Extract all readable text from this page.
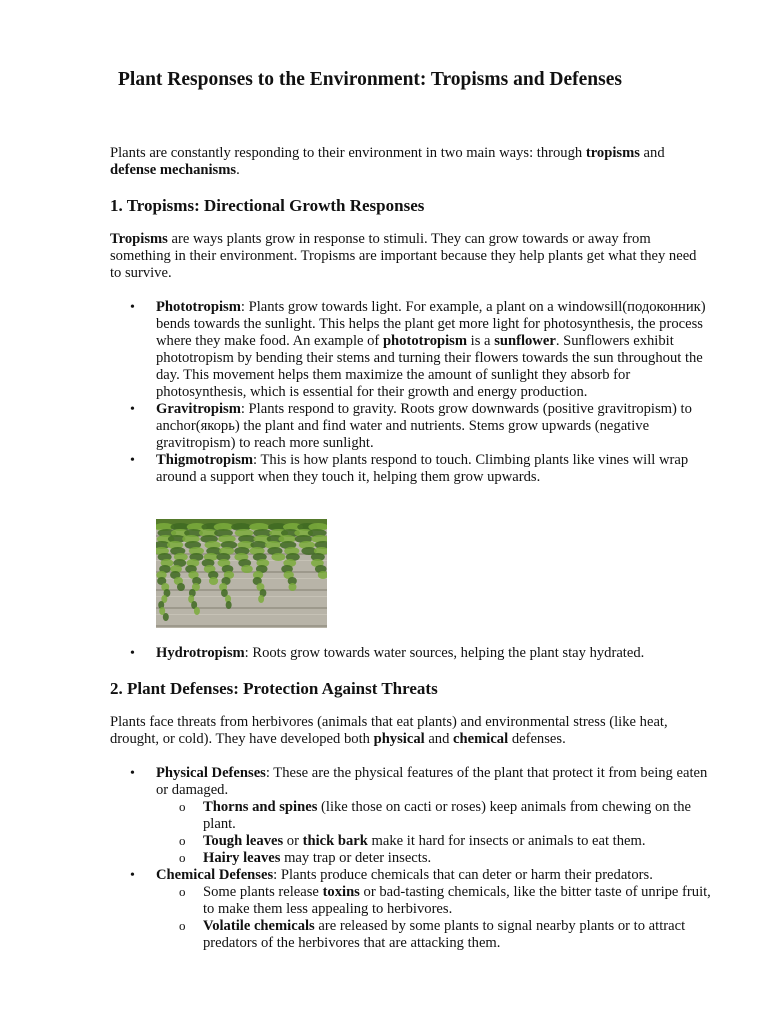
Plant Responses to the Environment: Tropisms and Defenses

Plants are constantly responding to their environment in two main ways: through tropisms and defense mechanisms.

1. Tropisms: Directional Growth Responses

Tropisms are ways plants grow in response to stimuli. They can grow towards or away from something in their environment. Tropisms are important because they help plants get what they need to survive.

• Phototropism: Plants grow towards light. For example, a plant on a windowsill(подоконник) bends towards the sunlight. This helps the plant get more light for photosynthesis, the process where they make food. An example of phototropism is a sunflower. Sunflowers exhibit phototropism by bending their stems and turning their flowers towards the sun throughout the day. This movement helps them maximize the amount of sunlight they absorb for photosynthesis, which is essential for their growth and energy production.
• Gravitropism: Plants respond to gravity. Roots grow downwards (positive gravitropism) to anchor(якорь) the plant and find water and nutrients. Stems grow upwards (negative gravitropism) to reach more sunlight.
• Thigmotropism: This is how plants respond to touch. Climbing plants like vines will wrap around a support when they touch it, helping them grow upwards.
• Hydrotropism: Roots grow towards water sources, helping the plant stay hydrated.
2. Plant Defenses: Protection Against Threats

Plants face threats from herbivores (animals that eat plants) and environmental stress (like heat, drought, or cold). They have developed both physical and chemical defenses.

• Physical Defenses: These are the physical features of the plant that protect it from being eaten or damaged.
o Thorns and spines (like those on cacti or roses) keep animals from chewing on the plant.
o Tough leaves or thick bark make it hard for insects or animals to eat them.
o Hairy leaves may trap or deter insects.
• Chemical Defenses: Plants produce chemicals that can deter or harm their predators.
o Some plants release toxins or bad-tasting chemicals, like the bitter taste of unripe fruit, to make them less appealing to herbivores.
o Volatile chemicals are released by some plants to signal nearby plants or to attract predators of the herbivores that are attacking them.
